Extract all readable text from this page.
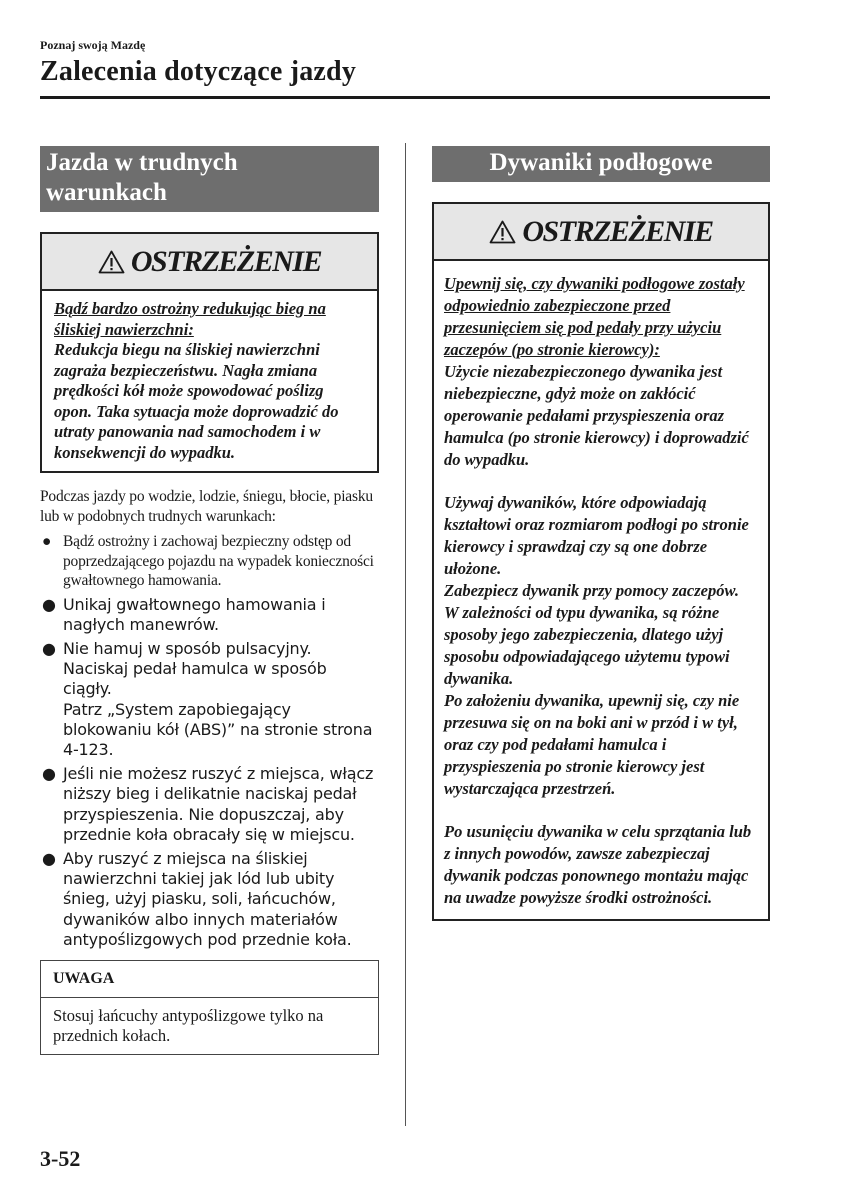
Poznaj swoją Mazdę
Zalecenia dotyczące jazdy
Jazda w trudnych
warunkach
OSTRZEŻENIE
Bądź bardzo ostrożny redukując bieg na śliskiej nawierzchni:
Redukcja biegu na śliskiej nawierzchni zagraża bezpieczeństwu. Nagła zmiana prędkości kół może spowodować poślizg opon. Taka sytuacja może doprowadzić do utraty panowania nad samochodem i w konsekwencji do wypadku.

Podczas jazdy po wodzie, lodzie, śniegu, błocie, piasku lub w podobnych trudnych warunkach:

● Bądź ostrożny i zachowaj bezpieczny odstęp od poprzedzającego pojazdu na wypadek konieczności gwałtownego hamowania.
● Unikaj gwałtownego hamowania i nagłych manewrów.
● Nie hamuj w sposób pulsacyjny. Naciskaj pedał hamulca w sposób ciągły.
Patrz „System zapobiegający blokowaniu kół (ABS)” na stronie strona 4-123.
● Jeśli nie możesz ruszyć z miejsca, włącz niższy bieg i delikatnie naciskaj pedał przyspieszenia. Nie dopuszczaj, aby przednie koła obracały się w miejscu.
● Aby ruszyć z miejsca na śliskiej nawierzchni takiej jak lód lub ubity śnieg, użyj piasku, soli, łańcuchów, dywaników albo innych materiałów antypoślizgowych pod przednie koła.
UWAGA
Stosuj łańcuchy antypoślizgowe tylko na przednich kołach.
Dywaniki podłogowe
OSTRZEŻENIE
Upewnij się, czy dywaniki podłogowe zostały odpowiednio zabezpieczone przed przesunięciem się pod pedały przy użyciu zaczepów (po stronie kierowcy):
Użycie niezabezpieczonego dywanika jest niebezpieczne, gdyż może on zakłócić operowanie pedałami przyspieszenia oraz hamulca (po stronie kierowcy) i doprowadzić do wypadku.
Używaj dywaników, które odpowiadają kształtowi oraz rozmiarom podłogi po stronie kierowcy i sprawdzaj czy są one dobrze ułożone.
Zabezpiecz dywanik przy pomocy zaczepów.
W zależności od typu dywanika, są różne sposoby jego zabezpieczenia, dlatego użyj sposobu odpowiadającego użytemu typowi dywanika.
Po założeniu dywanika, upewnij się, czy nie przesuwa się on na boki ani w przód i w tył, oraz czy pod pedałami hamulca i przyspieszenia po stronie kierowcy jest wystarczająca przestrzeń.
Po usunięciu dywanika w celu sprzątania lub z innych powodów, zawsze zabezpieczaj dywanik podczas ponownego montażu mając na uwadze powyższe środki ostrożności.
3-52
